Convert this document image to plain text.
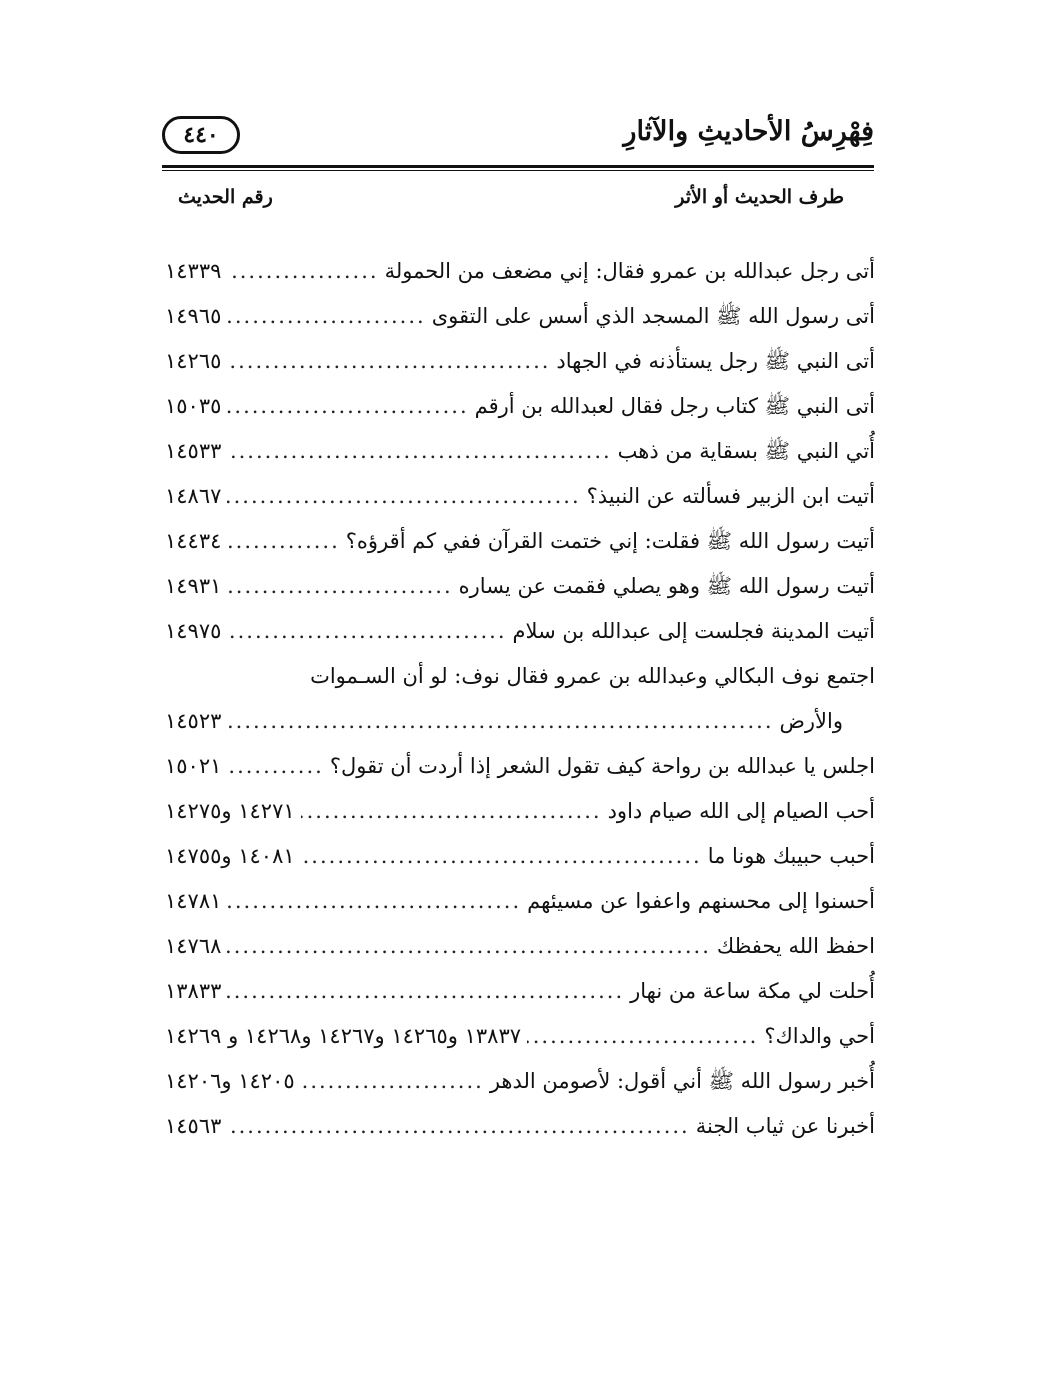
٤٤٠	فِهْرِسُ الأحاديثِ والآثارِ
طرف الحديث أو الأثر
رقم الحديث
أتى رجل عبدالله بن عمرو فقال: إني مضعف من الحمولة
.....
١٤٣٣٩
أتى رسول الله ﷺ المسجد الذي أسس على التقوى
.....
١٤٩٦٥
أتى النبي ﷺ رجل يستأذنه في الجهاد
.....
١٤٢٦٥
أتى النبي ﷺ كتاب رجل فقال لعبدالله بن أرقم
.....
١٥٠٣٥
أُتي النبي ﷺ بسقاية من ذهب
.....
١٤٥٣٣
أتيت ابن الزبير فسألته عن النبيذ؟
.....
١٤٨٦٧
أتيت رسول الله ﷺ فقلت: إني ختمت القرآن ففي كم أقرؤه؟
.....
١٤٤٣٤
أتيت رسول الله ﷺ وهو يصلي فقمت عن يساره
.....
١٤٩٣١
أتيت المدينة فجلست إلى عبدالله بن سلام
.....
١٤٩٧٥
اجتمع نوف البكالي وعبدالله بن عمرو فقال نوف: لو أن السـموات
والأرض
.....
١٤٥٢٣
اجلس يا عبدالله بن رواحة كيف تقول الشعر إذا أردت أن تقول؟
.....
١٥٠٢١
أحب الصيام إلى الله صيام داود
.....
١٤٢٧١ و١٤٢٧٥
أحبب حبيبك هونا ما
.....
١٤٠٨١ و١٤٧٥٥
أحسنوا إلى محسنهم واعفوا عن مسيئهم
.....
١٤٧٨١
احفظ الله يحفظك
.....
١٤٧٦٨
أُحلت لي مكة ساعة من نهار
.....
١٣٨٣٣
أحي والداك؟
.....
١٣٨٣٧ و١٤٢٦٥ و١٤٢٦٧ و١٤٢٦٨ و ١٤٢٦٩
أُخبر رسول الله ﷺ أني أقول: لأصومن الدهر
.....
١٤٢٠٥ و١٤٢٠٦
أخبرنا عن ثياب الجنة
.....
١٤٥٦٣
